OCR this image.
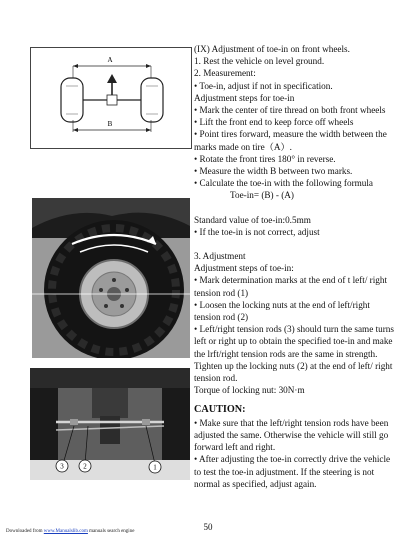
A
B
3	2	1

(IX) Adjustment of toe-in on front wheels.

1. Rest the vehicle on level ground.

2. Measurement:

• Toe-in, adjust if not in specification.

Adjustment steps for toe-in

• Mark the center of tire thread on both front wheels

• Lift the front end to keep force off wheels

• Point tires forward, measure the width between the marks made on tire（A）.

• Rotate the front tires 180° in reverse.

• Measure the width B between two marks.

• Calculate the toe-in with the following formula

Toe-in= (B) - (A)

Standard value of toe-in:0.5mm

• If the toe-in is not correct, adjust

3. Adjustment

Adjustment steps of toe-in:

• Mark determination marks at the end of t left/ right tension rod (1)

• Loosen the locking nuts at the end of left/right tension rod (2)

• Left/right tension rods (3) should turn the same turns left or right up to obtain the specified toe-in and make the lrft/right tension rods are the same in strength.

Tighten up the locking nuts (2) at the end of left/ right tension rod.

Torque of locking nut: 30N·m

CAUTION:

• Make sure that the left/right tension rods have been adjusted the same. Otherwise the vehicle will still go forward left and right.

• After adjusting the toe-in correctly drive the vehicle to test the toe-in adjustment. If the steering is not normal as specified, adjust again.

50
Downloaded from www.Manualslib.com manuals search engine
